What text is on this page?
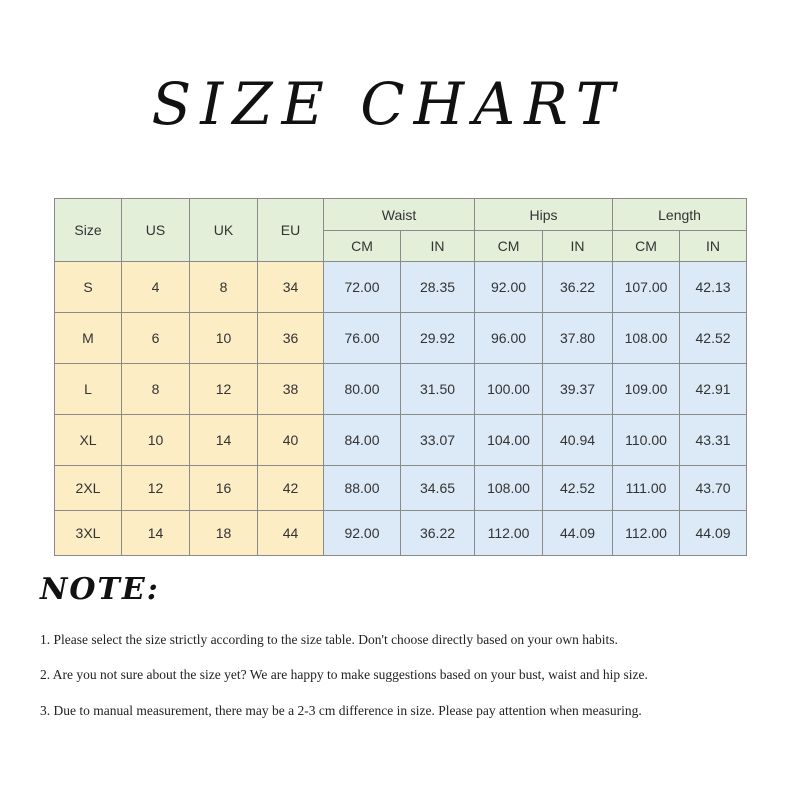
SIZE CHART
Size	US	UK	EU	Waist		Hips		Length	
				CM	IN	CM	IN	CM	IN
S	4	8	34	72.00	28.35	92.00	36.22	107.00	42.13
M	6	10	36	76.00	29.92	96.00	37.80	108.00	42.52
L	8	12	38	80.00	31.50	100.00	39.37	109.00	42.91
XL	10	14	40	84.00	33.07	104.00	40.94	110.00	43.31
2XL	12	16	42	88.00	34.65	108.00	42.52	111.00	43.70
3XL	14	18	44	92.00	36.22	112.00	44.09	112.00	44.09
NOTE:

1. Please select the size strictly according to the size table. Don't choose directly based on your own habits.

2. Are you not sure about the size yet? We are happy to make suggestions based on your bust, waist and hip size.

3. Due to manual measurement, there may be a 2-3 cm difference in size. Please pay attention when measuring.
